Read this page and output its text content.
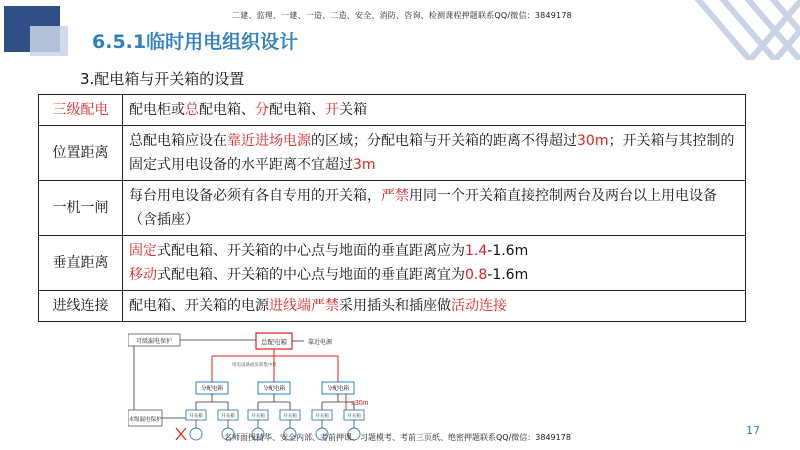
二建、监理、一建、一造、二造、安全、消防、咨询、检测课程押题联系QQ/微信：3849178
6.5.1临时用电组织设计
3.配电箱与开关箱的设置
三级配电	配电柜或总配电箱、分配电箱、开关箱
位置距离	总配电箱应设在靠近进场电源的区域；分配电箱与开关箱的距离不得超过30m；开关箱与其控制的固定式用电设备的水平距离不宜超过3m
一机一闸	每台用电设备必须有各自专用的开关箱，严禁用同一个开关箱直接控制两台及两台以上用电设备（含插座）
垂直距离	固定式配电箱、开关箱的中心点与地面的垂直距离应为1.4-1.6m
移动式配电箱、开关箱的中心点与地面的垂直距离宜为0.8-1.6m

进线连接	配电箱、开关箱的电源进线端严禁采用插头和插座做活动连接
可级漏电保护
末级漏电保护
总配电箱	靠近电源
用电设备或负荷集中区
分配电箱	分配电箱	分配电箱
开关箱	开关箱	开关箱	开关箱	开关箱	开关箱
≤30m
17
名师面授精华、安全内部、考前押课、习题模考、考前三页纸、绝密押题联系QQ/微信：3849178
